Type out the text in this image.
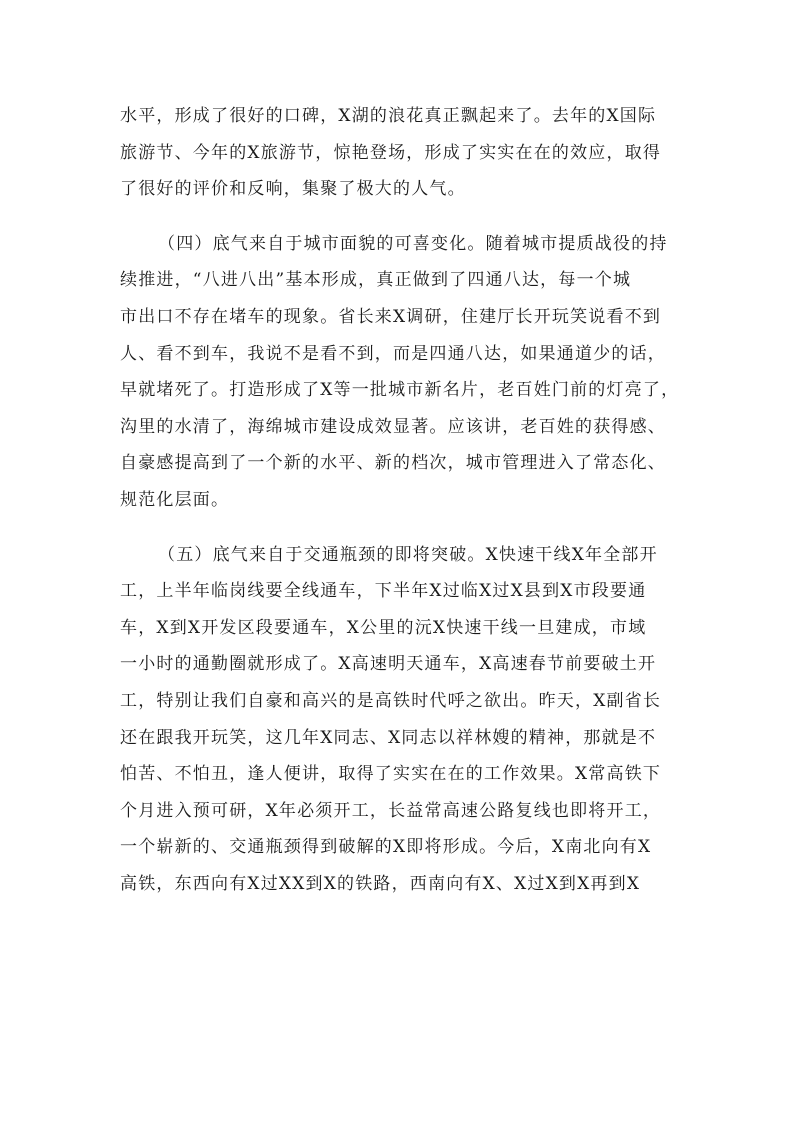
水平，形成了很好的口碑，X湖的浪花真正飘起来了。去年的X国际
旅游节、今年的X旅游节，惊艳登场，形成了实实在在的效应，取得
了很好的评价和反响，集聚了极大的人气。
（四）底气来自于城市面貌的可喜变化。随着城市提质战役的持
续推进，“八进八出”基本形成，真正做到了四通八达，每一个城
市出口不存在堵车的现象。省长来X调研，住建厅长开玩笑说看不到
人、看不到车，我说不是看不到，而是四通八达，如果通道少的话，
早就堵死了。打造形成了X等一批城市新名片，老百姓门前的灯亮了，
沟里的水清了，海绵城市建设成效显著。应该讲，老百姓的获得感、
自豪感提高到了一个新的水平、新的档次，城市管理进入了常态化、
规范化层面。
（五）底气来自于交通瓶颈的即将突破。X快速干线X年全部开
工，上半年临岗线要全线通车，下半年X过临X过X县到X市段要通
车，X到X开发区段要通车，X公里的沅X快速干线一旦建成，市域
一小时的通勤圈就形成了。X高速明天通车，X高速春节前要破土开
工，特别让我们自豪和高兴的是高铁时代呼之欲出。昨天，X副省长
还在跟我开玩笑，这几年X同志、X同志以祥林嫂的精神，那就是不
怕苦、不怕丑，逢人便讲，取得了实实在在的工作效果。X常高铁下
个月进入预可研，X年必须开工，长益常高速公路复线也即将开工，
一个崭新的、交通瓶颈得到破解的X即将形成。今后，X南北向有X
高铁，东西向有X过XX到X的铁路，西南向有X、X过X到X再到X
